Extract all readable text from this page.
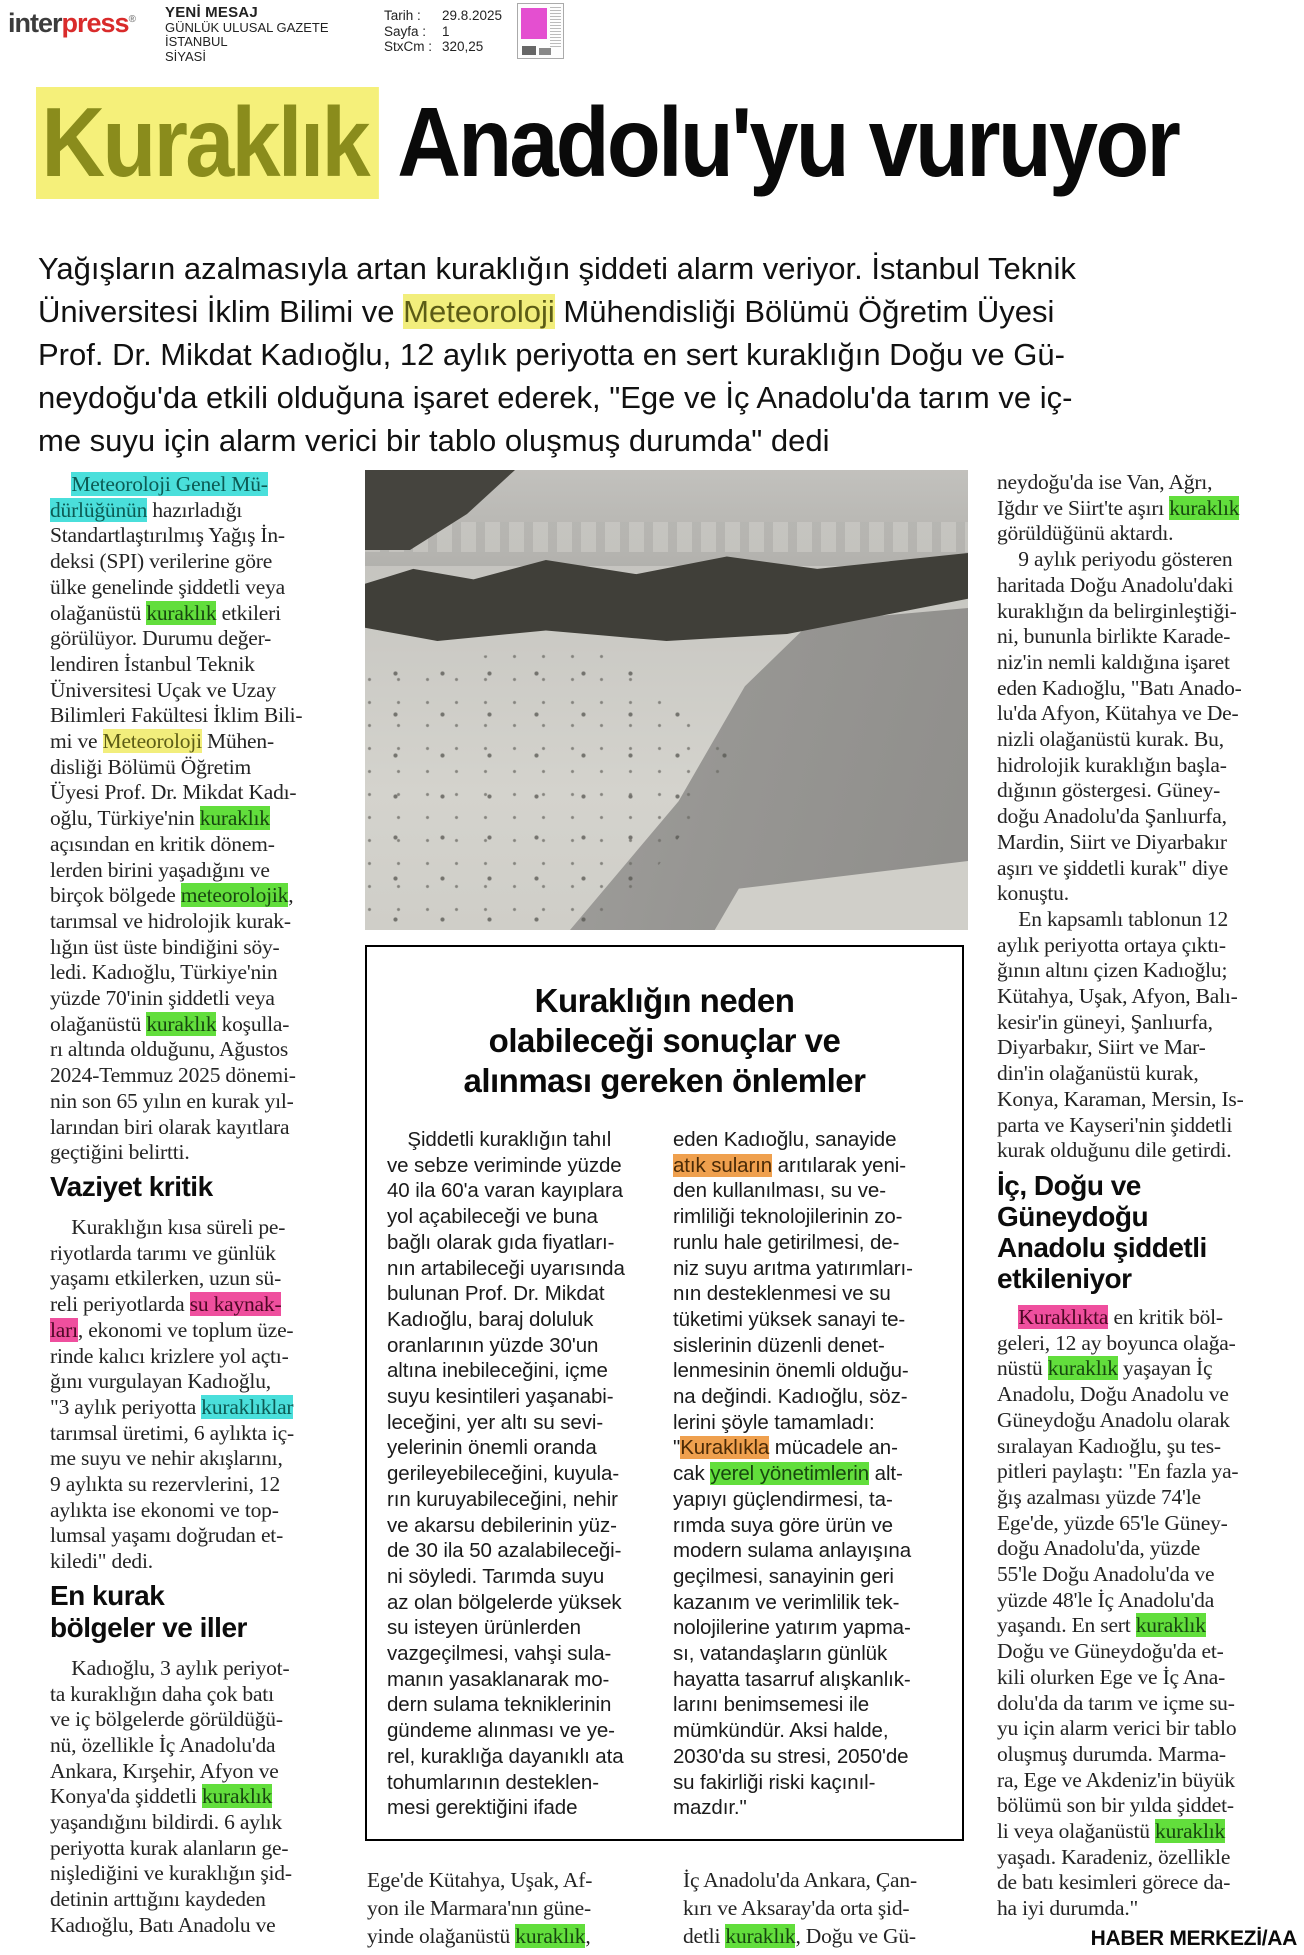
interpress® YENİ MESAJ
GÜNLÜK ULUSAL GAZETE
İSTANBUL
SİYASİ
Tarih :	29.8.2025
Sayfa :	1
StxCm : 320,25
Kuraklık Anadolu'yu vuruyor
Yağışların azalmasıyla artan kuraklığın şiddeti alarm veriyor. İstanbul Teknik
Üniversitesi İklim Bilimi ve Meteoroloji Mühendisliği Bölümü Öğretim Üyesi
Prof. Dr. Mikdat Kadıoğlu, 12 aylık periyotta en sert kuraklığın Doğu ve Gü-
neydoğu'da etkili olduğuna işaret ederek, "Ege ve İç Anadolu'da tarım ve iç-
me suyu için alarm verici bir tablo oluşmuş durumda" dedi
 Meteoroloji Genel Mü-
dürlüğünün hazırladığı
Standartlaştırılmış Yağış İn-
deksi (SPI) verilerine göre
ülke genelinde şiddetli veya
olağanüstü kuraklık etkileri
görülüyor. Durumu değer-
lendiren İstanbul Teknik
Üniversitesi Uçak ve Uzay
Bilimleri Fakültesi İklim Bili-
mi ve Meteoroloji Mühen-
disliği Bölümü Öğretim
Üyesi Prof. Dr. Mikdat Kadı-
oğlu, Türkiye'nin kuraklık
açısından en kritik dönem-
lerden birini yaşadığını ve
birçok bölgede meteorolojik,
tarımsal ve hidrolojik kurak-
lığın üst üste bindiğini söy-
ledi. Kadıoğlu, Türkiye'nin
yüzde 70'inin şiddetli veya
olağanüstü kuraklık koşulla-
rı altında olduğunu, Ağustos
2024-Temmuz 2025 dönemi-
nin son 65 yılın en kurak yıl-
larından biri olarak kayıtlara
geçtiğini belirtti.
Vaziyet kritik
 Kuraklığın kısa süreli pe-
riyotlarda tarımı ve günlük
yaşamı etkilerken, uzun sü-
reli periyotlarda su kaynak-
ları, ekonomi ve toplum üze-
rinde kalıcı krizlere yol açtı-
ğını vurgulayan Kadıoğlu,
"3 aylık periyotta kuraklıklar
tarımsal üretimi, 6 aylıkta iç-
me suyu ve nehir akışlarını,
9 aylıkta su rezervlerini, 12
aylıkta ise ekonomi ve top-
lumsal yaşamı doğrudan et-
kiledi" dedi.
En kurak
bölgeler ve iller
 Kadıoğlu, 3 aylık periyot-
ta kuraklığın daha çok batı
ve iç bölgelerde görüldüğü-
nü, özellikle İç Anadolu'da
Ankara, Kırşehir, Afyon ve
Konya'da şiddetli kuraklık
yaşandığını bildirdi. 6 aylık
periyotta kurak alanların ge-
nişlediğini ve kuraklığın şid-
detinin arttığını kaydeden
Kadıoğlu, Batı Anadolu ve
Kuraklığın neden
olabileceği sonuçlar ve
alınması gereken önlemler
 Şiddetli kuraklığın tahıl
ve sebze veriminde yüzde
40 ila 60'a varan kayıplara
yol açabileceği ve buna
bağlı olarak gıda fiyatları-
nın artabileceği uyarısında
bulunan Prof. Dr. Mikdat
Kadıoğlu, baraj doluluk
oranlarının yüzde 30'un
altına inebileceğini, içme
suyu kesintileri yaşanabi-
leceğini, yer altı su sevi-
yelerinin önemli oranda
gerileyebileceğini, kuyula-
rın kuruyabileceğini, nehir
ve akarsu debilerinin yüz-
de 30 ila 50 azalabileceği-
ni söyledi. Tarımda suyu
az olan bölgelerde yüksek
su isteyen ürünlerden
vazgeçilmesi, vahşi sula-
manın yasaklanarak mo-
dern sulama tekniklerinin
gündeme alınması ve ye-
rel, kuraklığa dayanıklı ata
tohumlarının desteklen-
mesi gerektiğini ifade
eden Kadıoğlu, sanayide
atık suların arıtılarak yeni-
den kullanılması, su ve-
rimliliği teknolojilerinin zo-
runlu hale getirilmesi, de-
niz suyu arıtma yatırımları-
nın desteklenmesi ve su
tüketimi yüksek sanayi te-
sislerinin düzenli denet-
lenmesinin önemli olduğu-
na değindi. Kadıoğlu, söz-
lerini şöyle tamamladı:
"Kuraklıkla mücadele an-
cak yerel yönetimlerin alt-
yapıyı güçlendirmesi, ta-
rımda suya göre ürün ve
modern sulama anlayışına
geçilmesi, sanayinin geri
kazanım ve verimlilik tek-
nolojilerine yatırım yapma-
sı, vatandaşların günlük
hayatta tasarruf alışkanlık-
larını benimsemesi ile
mümkündür. Aksi halde,
2030'da su stresi, 2050'de
su fakirliği riski kaçınıl-
mazdır."
Ege'de Kütahya, Uşak, Af-
yon ile Marmara'nın güne-
yinde olağanüstü kuraklık,
İç Anadolu'da Ankara, Çan-
kırı ve Aksaray'da orta şid-
detli kuraklık, Doğu ve Gü-
neydoğu'da ise Van, Ağrı,
Iğdır ve Siirt'te aşırı kuraklık
görüldüğünü aktardı.
 9 aylık periyodu gösteren
haritada Doğu Anadolu'daki
kuraklığın da belirginleştiği-
ni, bununla birlikte Karade-
niz'in nemli kaldığına işaret
eden Kadıoğlu, "Batı Anado-
lu'da Afyon, Kütahya ve De-
nizli olağanüstü kurak. Bu,
hidrolojik kuraklığın başla-
dığının göstergesi. Güney-
doğu Anadolu'da Şanlıurfa,
Mardin, Siirt ve Diyarbakır
aşırı ve şiddetli kurak" diye
konuştu.
 En kapsamlı tablonun 12
aylık periyotta ortaya çıktı-
ğının altını çizen Kadıoğlu;
Kütahya, Uşak, Afyon, Balı-
kesir'in güneyi, Şanlıurfa,
Diyarbakır, Siirt ve Mar-
din'in olağanüstü kurak,
Konya, Karaman, Mersin, Is-
parta ve Kayseri'nin şiddetli
kurak olduğunu dile getirdi.
İç, Doğu ve
Güneydoğu
Anadolu şiddetli
etkileniyor
 Kuraklıkta en kritik böl-
geleri, 12 ay boyunca olağa-
nüstü kuraklık yaşayan İç
Anadolu, Doğu Anadolu ve
Güneydoğu Anadolu olarak
sıralayan Kadıoğlu, şu tes-
pitleri paylaştı: "En fazla ya-
ğış azalması yüzde 74'le
Ege'de, yüzde 65'le Güney-
doğu Anadolu'da, yüzde
55'le Doğu Anadolu'da ve
yüzde 48'le İç Anadolu'da
yaşandı. En sert kuraklık
Doğu ve Güneydoğu'da et-
kili olurken Ege ve İç Ana-
dolu'da da tarım ve içme su-
yu için alarm verici bir tablo
oluşmuş durumda. Marma-
ra, Ege ve Akdeniz'in büyük
bölümü son bir yılda şiddet-
li veya olağanüstü kuraklık
yaşadı. Karadeniz, özellikle
de batı kesimleri görece da-
ha iyi durumda."
HABER MERKEZİ/AA
